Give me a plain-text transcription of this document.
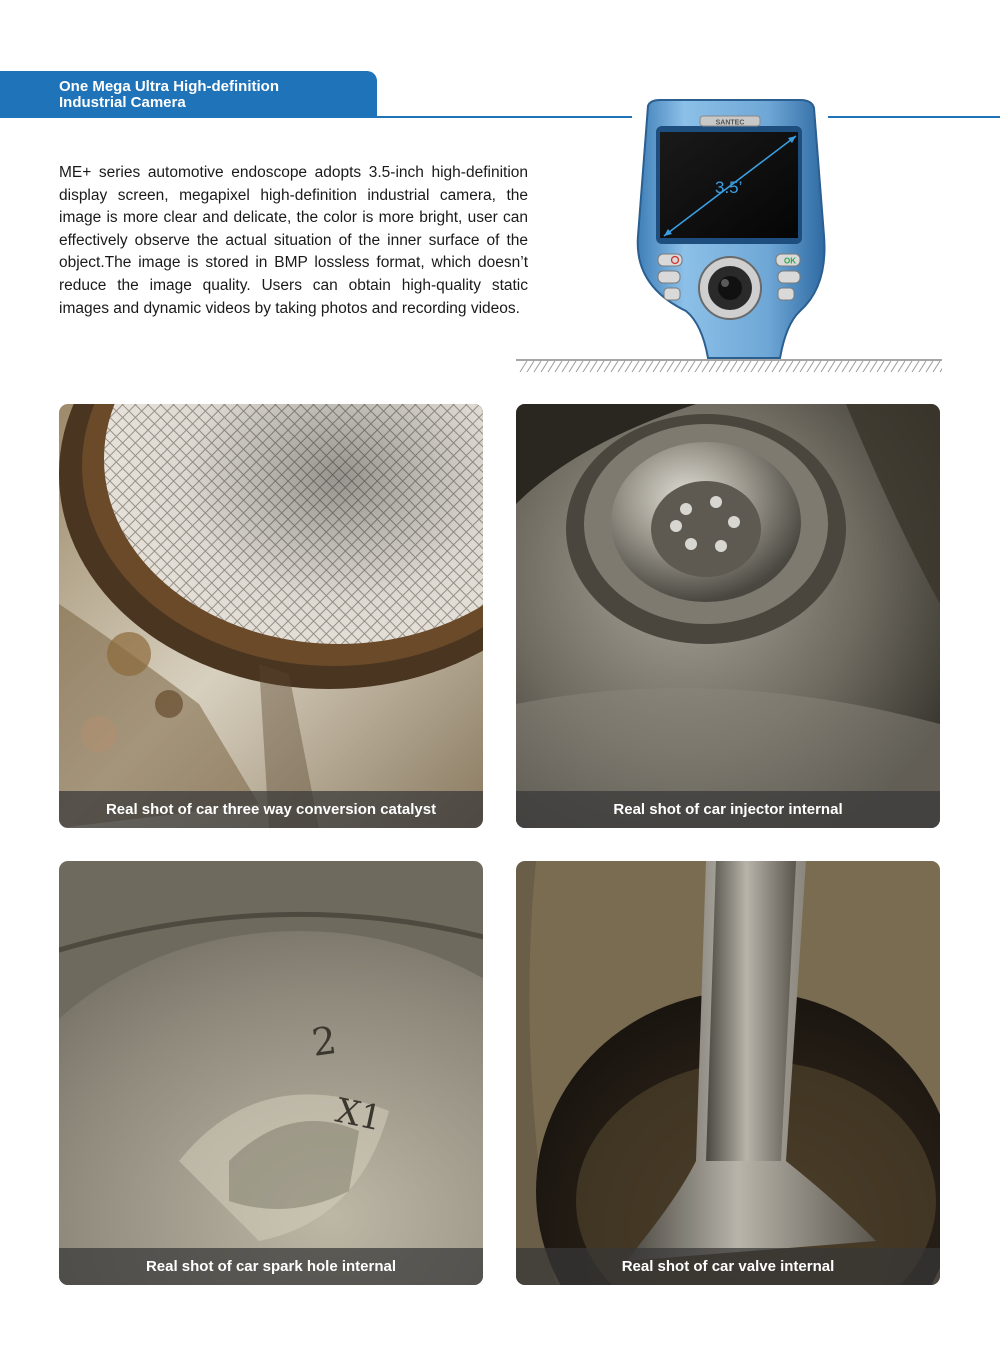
One Mega Ultra High-definition
Industrial Camera

ME+ series automotive endoscope adopts 3.5-inch high-definition display screen, megapixel high-definition industrial camera, the image is more clear and delicate, the color is more bright, user can effectively observe the actual situation of the inner surface of the object.The image is stored in BMP lossless format, which doesn’t reduce the image quality. Users can obtain high-quality static images and dynamic videos by taking photos and recording videos.

SANTEC
3.5’
OK
Real shot of car three way conversion catalyst	Real shot of car injector internal
2
X1
Real shot of car spark hole internal	Real shot of car valve internal
